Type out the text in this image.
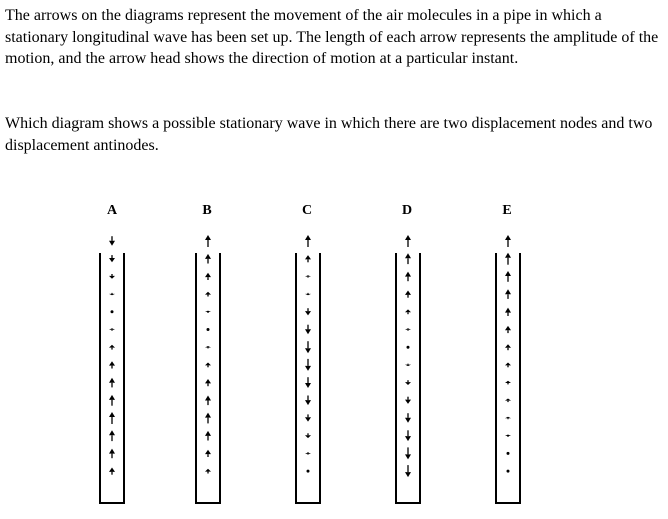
The arrows on the diagrams represent the movement of the air molecules in a pipe in which a stationary longitudinal wave has been set up. The length of each arrow represents the amplitude of the motion, and the arrow head shows the direction of motion at a particular instant.

Which diagram shows a possible stationary wave in which there are two displacement nodes and two displacement antinodes.

A	B	C	D	E
